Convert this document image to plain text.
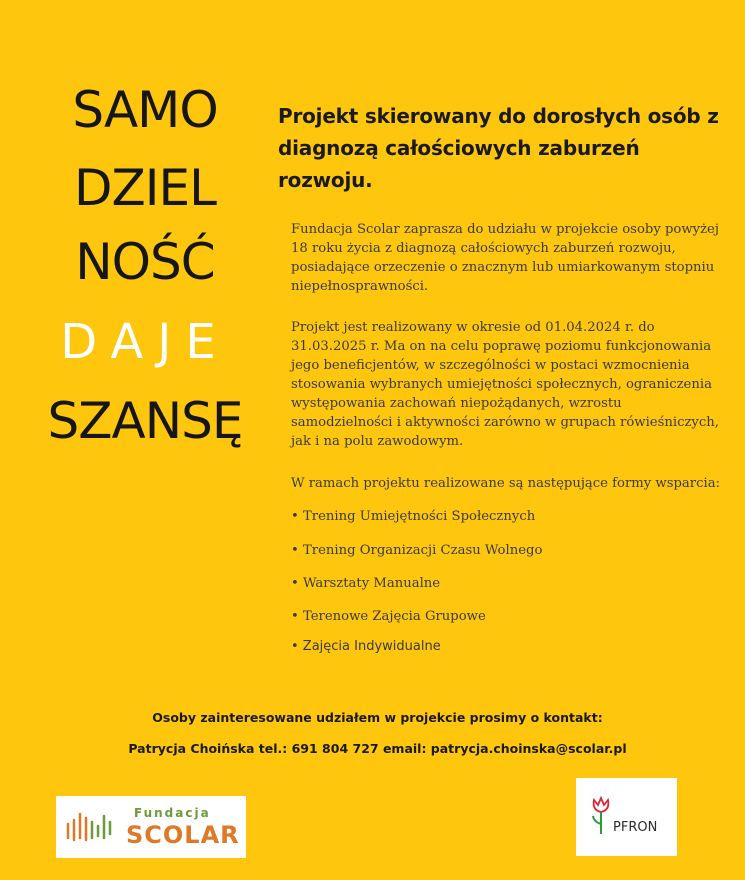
SAMO
DZIEL
NOŚĆ
DAJE
SZANSĘ
Projekt skierowany do dorosłych osób z diagnozą całościowych zaburzeń rozwoju.

Fundacja Scolar zaprasza do udziału w projekcie osoby powyżej 18 roku życia z diagnozą całościowych zaburzeń rozwoju, posiadające orzeczenie o znacznym lub umiarkowanym stopniu niepełnosprawności.

Projekt jest realizowany w okresie od 01.04.2024 r. do 31.03.2025 r. Ma on na celu poprawę poziomu funkcjonowania jego beneficjentów, w szczególności w postaci wzmocnienia stosowania wybranych umiejętności społecznych, ograniczenia występowania zachowań niepożądanych, wzrostu samodzielności i aktywności zarówno w grupach rówieśniczych, jak i na polu zawodowym.

W ramach projektu realizowane są następujące formy wsparcia:

• Trening Umiejętności Społecznych
• Trening Organizacji Czasu Wolnego
• Warsztaty Manualne
• Terenowe Zajęcia Grupowe
• Zajęcia Indywidualne
Osoby zainteresowane udziałem w projekcie prosimy o kontakt:
Patrycja Choińska tel.: 691 804 727 email: patrycja.choinska@scolar.pl
Fundacja
SCOLAR	PFRON
